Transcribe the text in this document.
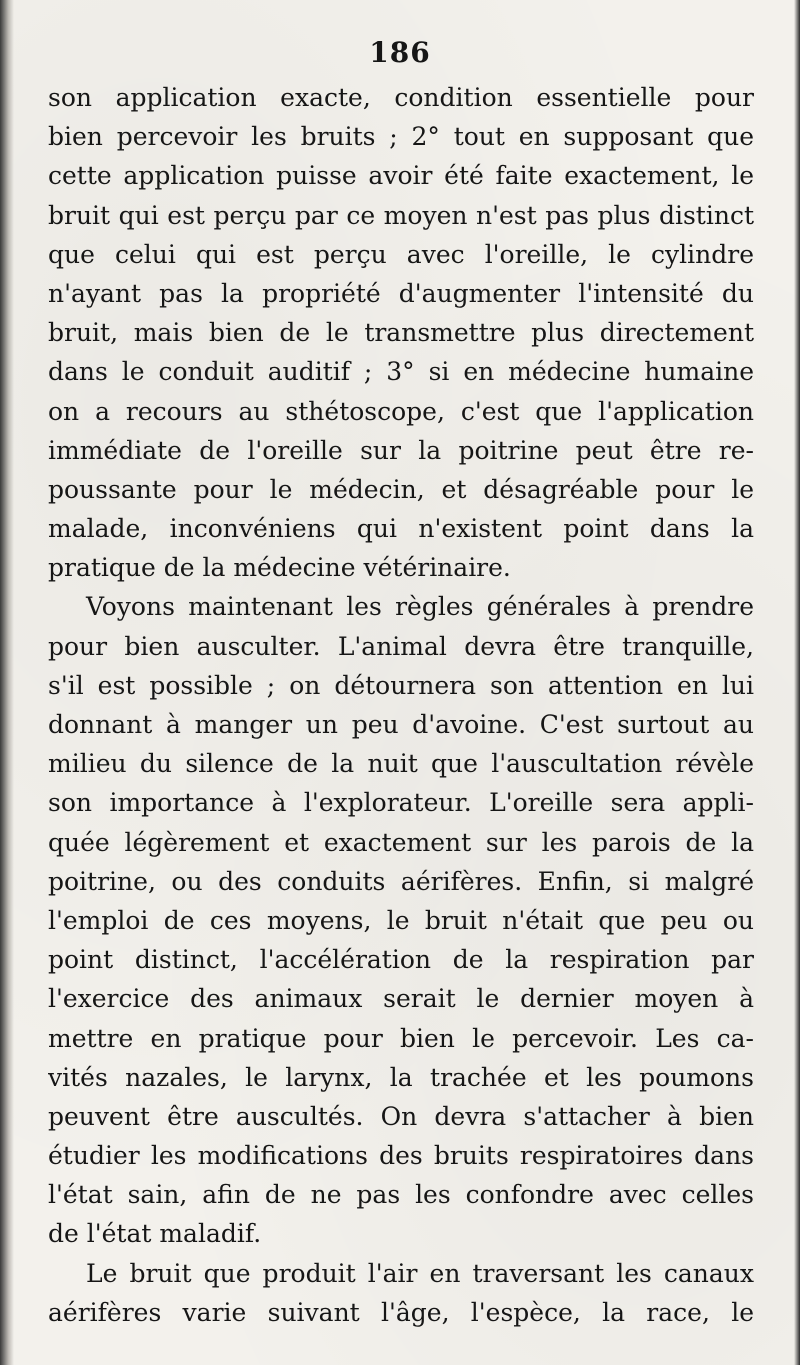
186
son application exacte, condition essentielle pour
bien percevoir les bruits ; 2° tout en supposant que
cette application puisse avoir été faite exactement, le
bruit qui est perçu par ce moyen n'est pas plus distinct
que celui qui est perçu avec l'oreille, le cylindre
n'ayant pas la propriété d'augmenter l'intensité du
bruit, mais bien de le transmettre plus directement
dans le conduit auditif ; 3° si en médecine humaine
on a recours au sthétoscope, c'est que l'application
immédiate de l'oreille sur la poitrine peut être re-
poussante pour le médecin, et désagréable pour le
malade, inconvéniens qui n'existent point dans la
pratique de la médecine vétérinaire.
Voyons maintenant les règles générales à prendre
pour bien ausculter. L'animal devra être tranquille,
s'il est possible ; on détournera son attention en lui
donnant à manger un peu d'avoine. C'est surtout au
milieu du silence de la nuit que l'auscultation révèle
son importance à l'explorateur. L'oreille sera appli-
quée légèrement et exactement sur les parois de la
poitrine, ou des conduits aérifères. Enfin, si malgré
l'emploi de ces moyens, le bruit n'était que peu ou
point distinct, l'accélération de la respiration par
l'exercice des animaux serait le dernier moyen à
mettre en pratique pour bien le percevoir. Les ca-
vités nazales, le larynx, la trachée et les poumons
peuvent être auscultés. On devra s'attacher à bien
étudier les modifications des bruits respiratoires dans
l'état sain, afin de ne pas les confondre avec celles
de l'état maladif.
Le bruit que produit l'air en traversant les canaux
aérifères varie suivant l'âge, l'espèce, la race, le
